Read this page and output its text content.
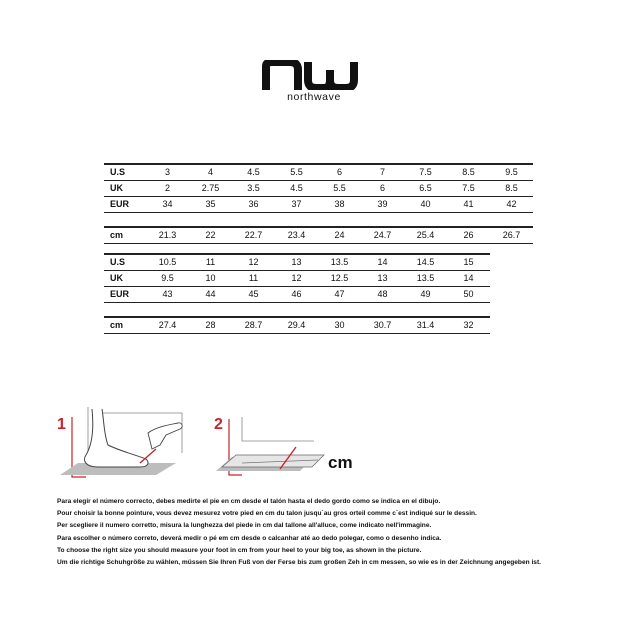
northwave
U.S	3	4	4.5	5.5	6	7	7.5	8.5	9.5
UK	2	2.75	3.5	4.5	5.5	6	6.5	7.5	8.5
EUR	34	35	36	37	38	39	40	41	42

cm	21.3	22	22.7	23.4	24	24.7	25.4	26	26.7
U.S	10.5	11	12	13	13.5	14	14.5	15
UK	9.5	10	11	12	12.5	13	13.5	14
EUR	43	44	45	46	47	48	49	50

cm	27.4	28	28.7	29.4	30	30.7	31.4	32
1	2
cm
Para elegir el número correcto, debes medirte el pie en cm desde el talón hasta el dedo gordo como se indica en el dibujo.
Pour choisir la bonne pointure, vous devez mesurez votre pied en cm du talon jusqu´au gros orteil comme c´est indiqué sur le dessin.
Per scegliere il numero corretto, misura la lunghezza del piede in cm dal tallone all'alluce, come indicato nell'immagine.
Para escolher o número correto, deverá medir o pé em cm desde o calcanhar até ao dedo polegar, como o desenho indica.
To choose the right size you should measure your foot in cm from your heel to your big toe, as shown in the picture.
Um die richtige Schuhgröße zu wählen, müssen Sie Ihren Fuß von der Ferse bis zum großen Zeh in cm messen, so wie es in der Zeichnung angegeben ist.
